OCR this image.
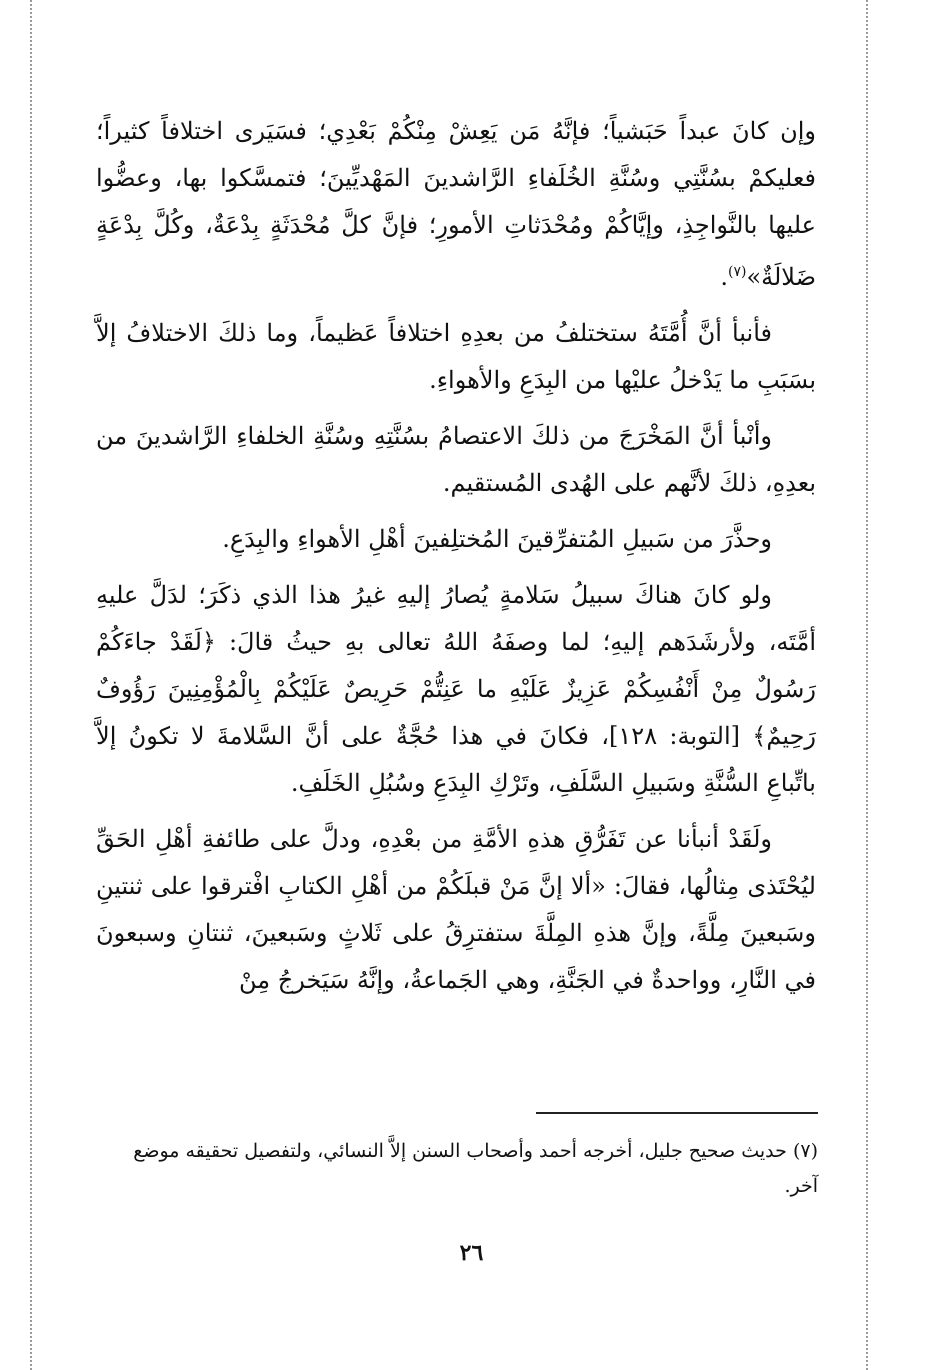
وإن كانَ عبداً حَبَشياً؛ فإنَّهُ مَن يَعِشْ مِنْكُمْ بَعْدِي؛ فسَيَرى اختلافاً كثيراً؛ فعليكمْ بسُنَّتِي وسُنَّةِ الخُلَفاءِ الرَّاشدينَ المَهْديِّينَ؛ فتمسَّكوا بها، وعضُّوا عليها بالنَّواجِذِ، وإيَّاكُمْ ومُحْدَثاتِ الأمورِ؛ فإنَّ كلَّ مُحْدَثَةٍ بِدْعَةٌ، وكُلَّ بِدْعَةٍ ضَلالَةٌ»$^{(٧)}$.

فأنبأ أنَّ أُمَّتَهُ ستختلفُ من بعدِهِ اختلافاً عَظيماً، وما ذلكَ الاختلافُ إلاَّ بسَبَبِ ما يَدْخلُ عليْها من البِدَعِ والأهواءِ.

وأنْبأ أنَّ المَخْرَجَ من ذلكَ الاعتصامُ بسُنَّتِهِ وسُنَّةِ الخلفاءِ الرَّاشدينَ من بعدِهِ، ذلكَ لأنَّهم على الهُدى المُستقيم.

وحذَّرَ من سَبيلِ المُتفرِّقينَ المُختلِفينَ أهْلِ الأهواءِ والبِدَعِ.

ولو كانَ هناكَ سبيلُ سَلامةٍ يُصارُ إليهِ غيرُ هذا الذي ذكَرَ؛ لدَلَّ عليهِ أمَّتَه، ولأرشَدَهم إليهِ؛ لما وصفَهُ اللهُ تعالى بهِ حيثُ قالَ: ﴿لَقَدْ جاءَكُمْ رَسُولٌ مِنْ أَنْفُسِكُمْ عَزِيزٌ عَلَيْهِ ما عَنِتُّمْ حَرِيصٌ عَلَيْكُمْ بِالْمُؤْمِنِينَ رَؤُوفٌ رَحِيمٌ﴾ [التوبة: ١٢٨]، فكانَ في هذا حُجَّةٌ على أنَّ السَّلامةَ لا تكونُ إلاَّ باتِّباعِ السُّنَّةِ وسَبيلِ السَّلَفِ، وتَرْكِ البِدَعِ وسُبُلِ الخَلَفِ.

ولَقَدْ أنبأنا عن تَفَرُّقِ هذهِ الأمَّةِ من بعْدِهِ، ودلَّ على طائفةِ أهْلِ الحَقِّ ليُحْتَذى مِثالُها، فقالَ: «ألا إنَّ مَنْ قبلَكُمْ من أهْلِ الكتابِ افْترقوا على ثنتينِ وسَبعينَ مِلَّةً، وإنَّ هذهِ المِلَّةَ ستفترِقُ على ثَلاثٍ وسَبعينَ، ثنتانِ وسبعونَ في النَّارِ، وواحدةٌ في الجَنَّةِ، وهي الجَماعةُ، وإنَّهُ سَيَخرجُ مِنْ

(٧) حديث صحيح جليل، أخرجه أحمد وأصحاب السنن إلاَّ النسائي، ولتفصيل تحقيقه موضع آخر.
٢٦
